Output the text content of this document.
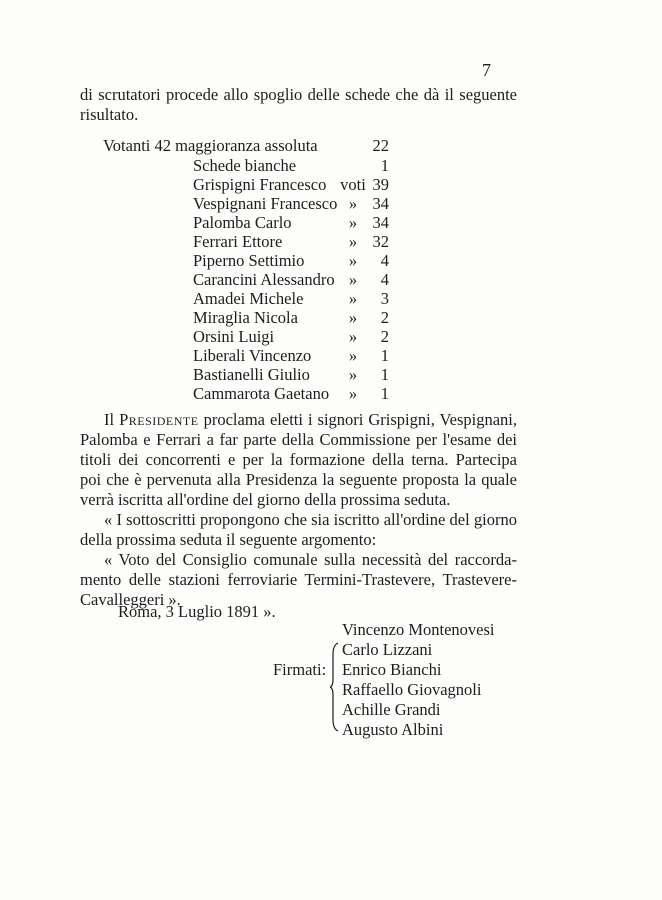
7
di scrutatori procede allo spoglio delle schede che dà il seguente
risultato.
Votanti 42 maggioranza assoluta	22
Schede bianche	1
Grispigni Francesco voti 39
Vespignani Francesco » 34
Palomba Carlo	» 34
Ferrari Ettore	» 32
Piperno Settimio	»	4
Carancini Alessandro »	4
Amadei Michele	»	3
Miraglia Nicola	»	2
Orsini Luigi	»	2
Liberali Vincenzo	»	1
Bastianelli Giulio	»	1
Cammarota Gaetano	»	1
Il Presidente proclama eletti i signori Grispigni, Vespignani,
Palomba e Ferrari a far parte della Commissione per l'esame dei
titoli dei concorrenti e per la formazione della terna. Partecipa
poi che è pervenuta alla Presidenza la seguente proposta la quale
verrà iscritta all'ordine del giorno della prossima seduta.
« I sottoscritti propongono che sia iscritto all'ordine del giorno
della prossima seduta il seguente argomento:
« Voto del Consiglio comunale sulla necessità del raccorda-
mento delle stazioni ferroviarie Termini-Trastevere, Trastevere-
Cavalleggeri ».
Roma, 3 Luglio 1891 ».
Firmati:
Vincenzo Montenovesi
Carlo Lizzani
Enrico Bianchi
Raffaello Giovagnoli
Achille Grandi
Augusto Albini
